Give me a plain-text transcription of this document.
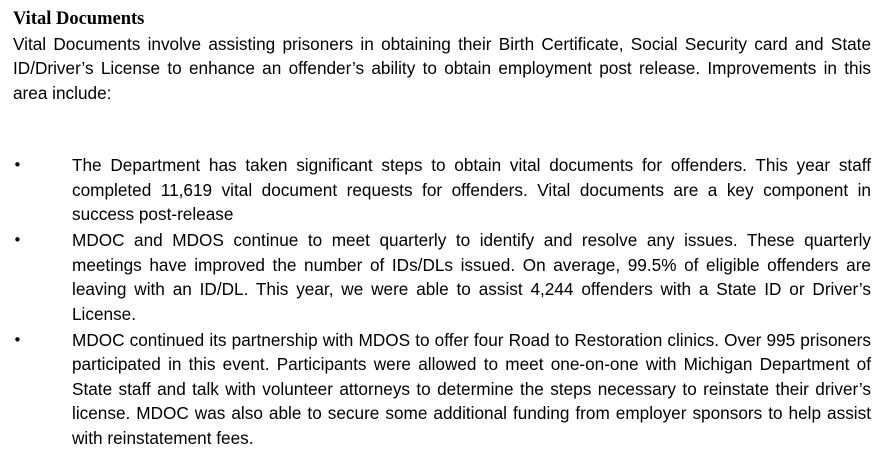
Vital Documents

Vital Documents involve assisting prisoners in obtaining their Birth Certificate, Social Security card and State ID/Driver’s License to enhance an offender’s ability to obtain employment post release. Improvements in this area include:

•	The Department has taken significant steps to obtain vital documents for offenders. This year staff completed 11,619 vital document requests for offenders. Vital documents are a key component in success post-release
•	MDOC and MDOS continue to meet quarterly to identify and resolve any issues. These quarterly meetings have improved the number of IDs/DLs issued. On average, 99.5% of eligible offenders are leaving with an ID/DL. This year, we were able to assist 4,244 offenders with a State ID or Driver’s License.
•	MDOC continued its partnership with MDOS to offer four Road to Restoration clinics. Over 995 prisoners participated in this event. Participants were allowed to meet one-on-one with Michigan Department of State staff and talk with volunteer attorneys to determine the steps necessary to reinstate their driver’s license. MDOC was also able to secure some additional funding from employer sponsors to help assist with reinstatement fees.
